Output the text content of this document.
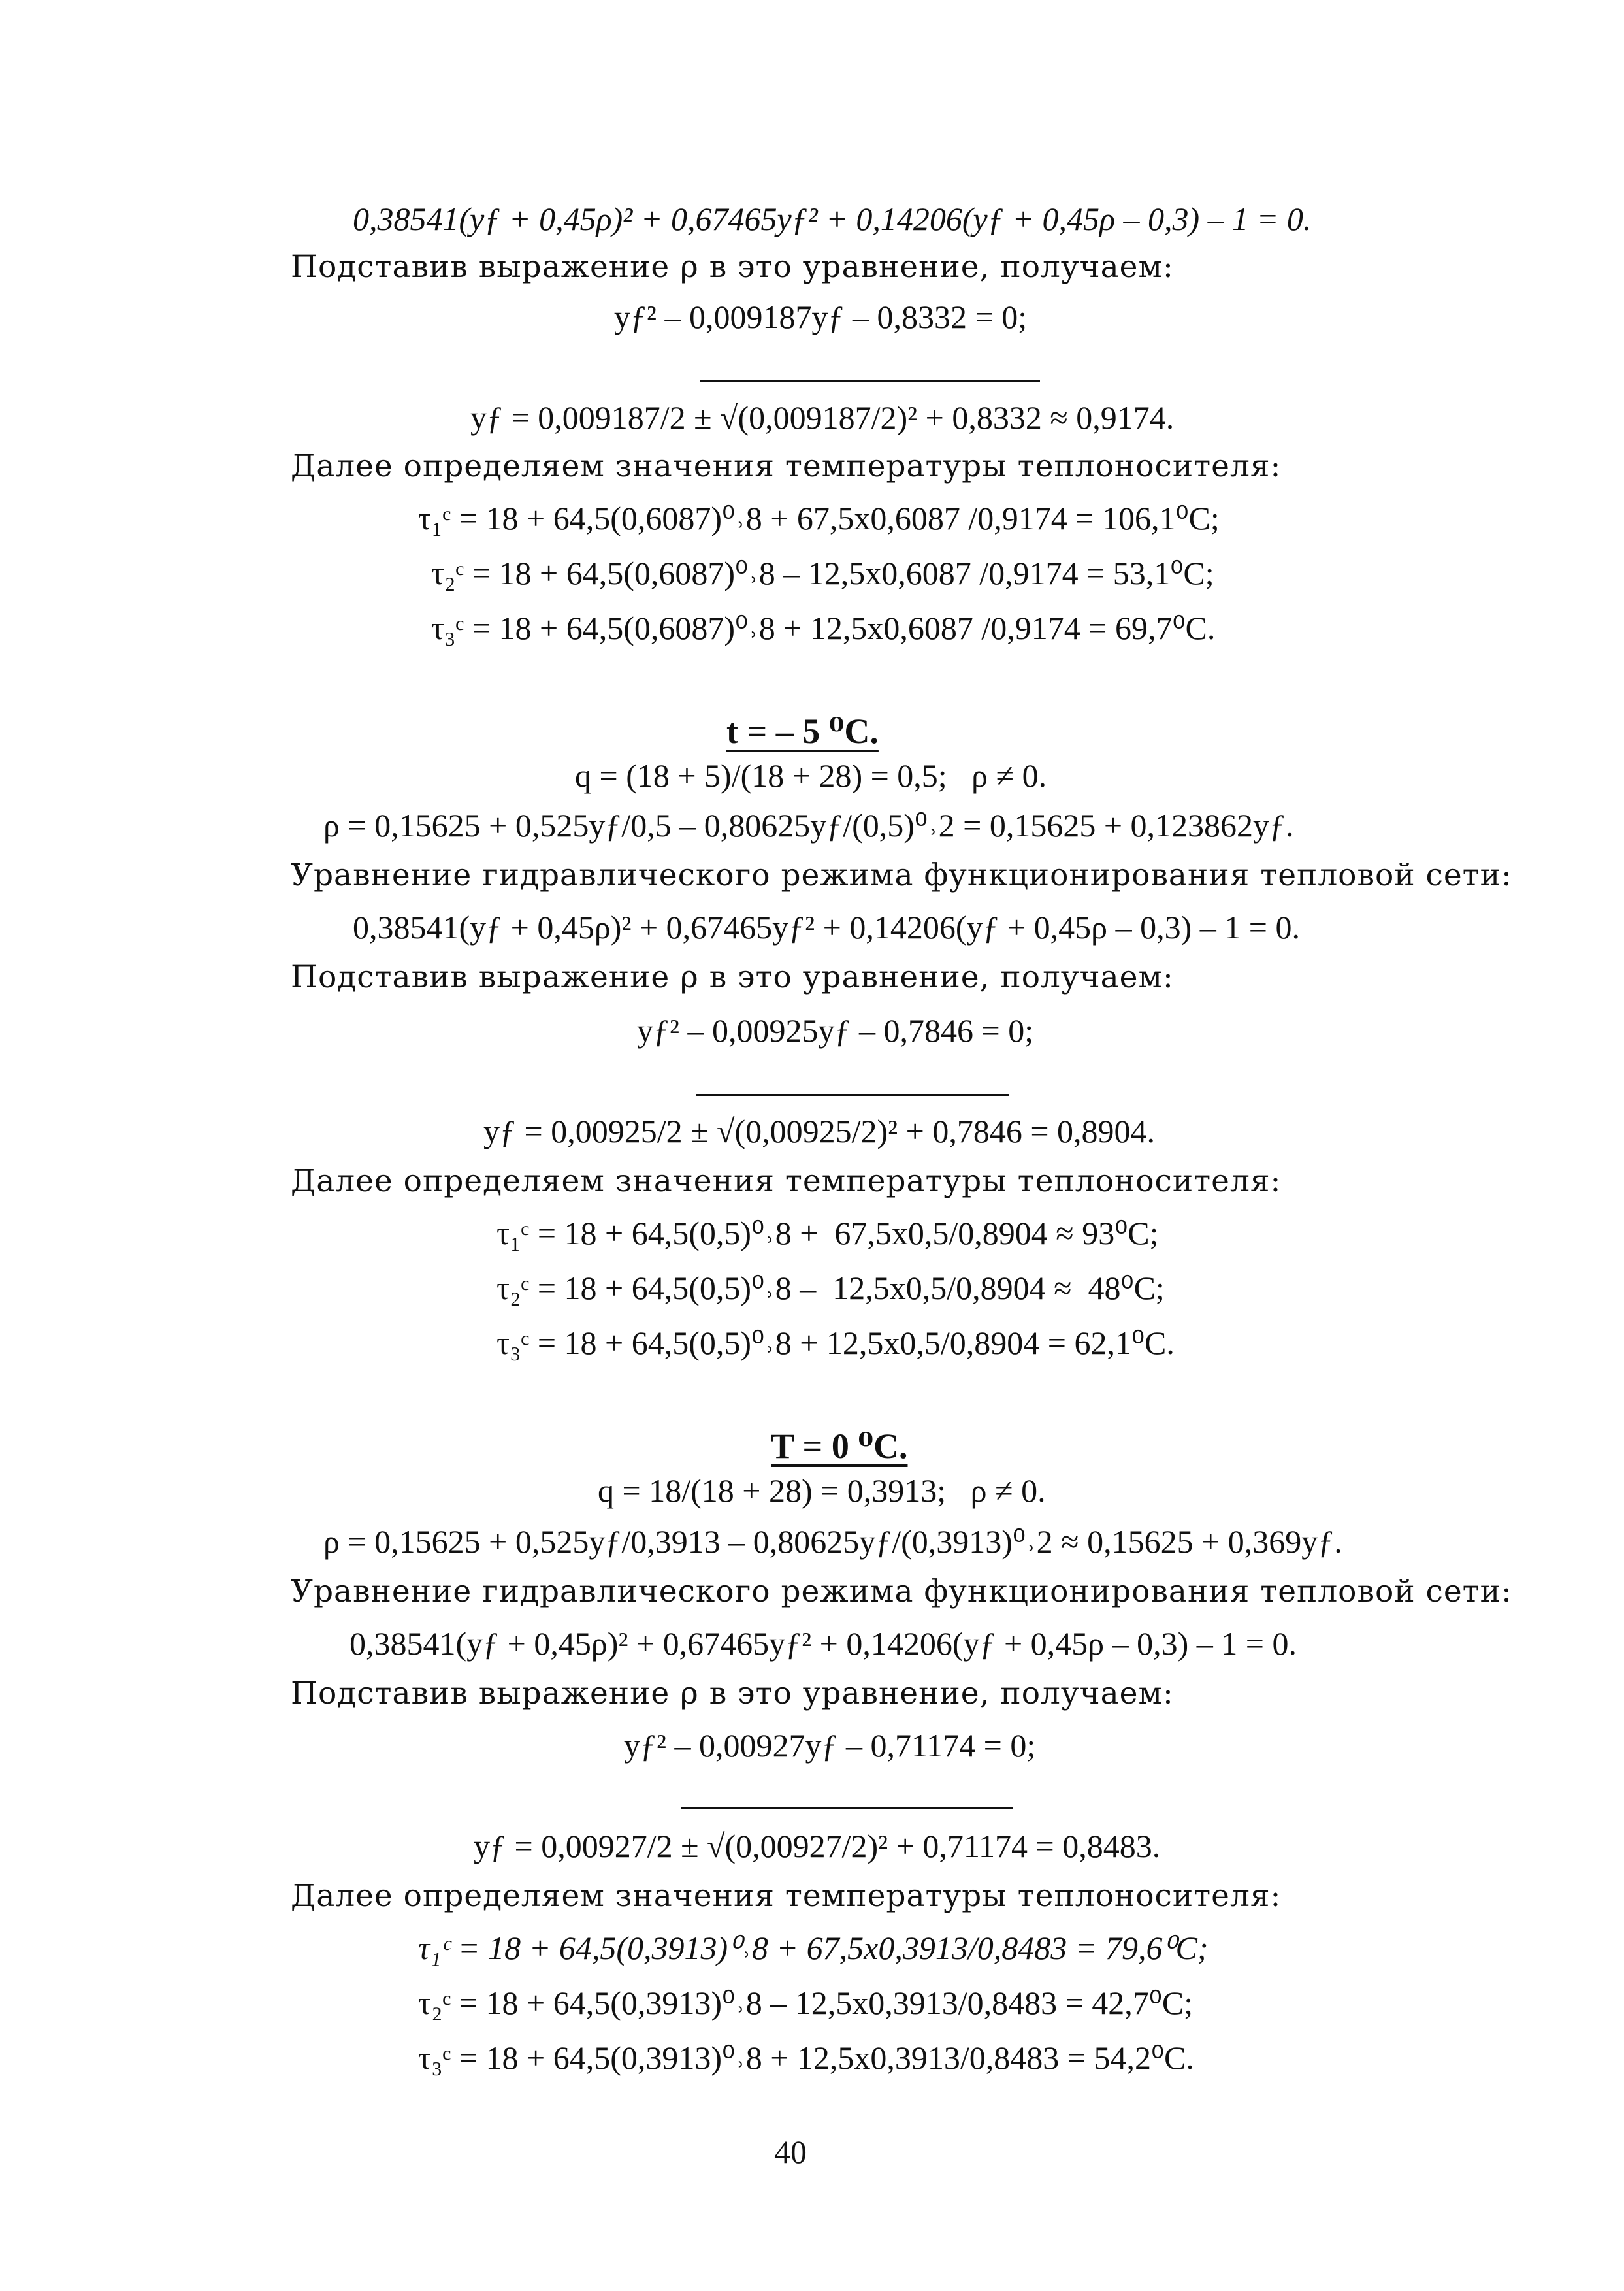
0,38541(yƒ + 0,45ρ)² + 0,67465yƒ² + 0,14206(yƒ + 0,45ρ – 0,3) – 1 = 0.
Подставив выражение ρ в это уравнение, получаем:
yƒ² – 0,009187yƒ – 0,8332 = 0;
yƒ = 0,009187/2 ± √(0,009187/2)² + 0,8332 ≈ 0,9174.
Далее определяем значения температуры теплоносителя:
τ₁ᶜ = 18 + 64,5(0,6087)⁰˒8 + 67,5x0,6087 /0,9174 = 106,1⁰C;
τ₂ᶜ = 18 + 64,5(0,6087)⁰˒8 – 12,5x0,6087 /0,9174 = 53,1⁰C;
τ₃ᶜ = 18 + 64,5(0,6087)⁰˒8 + 12,5x0,6087 /0,9174 = 69,7⁰C.
t = – 5 ⁰C.
q = (18 + 5)/(18 + 28) = 0,5;   ρ ≠ 0.
ρ = 0,15625 + 0,525yƒ/0,5 – 0,80625yƒ/(0,5)⁰˒2 = 0,15625 + 0,123862yƒ.
Уравнение гидравлического режима функционирования тепловой сети:
0,38541(yƒ + 0,45ρ)² + 0,67465yƒ² + 0,14206(yƒ + 0,45ρ – 0,3) – 1 = 0.
Подставив выражение ρ в это уравнение, получаем:
yƒ² – 0,00925yƒ – 0,7846 = 0;
yƒ = 0,00925/2 ± √(0,00925/2)² + 0,7846 = 0,8904.
Далее определяем значения температуры теплоносителя:
τ₁ᶜ = 18 + 64,5(0,5)⁰˒8 +  67,5x0,5/0,8904 ≈ 93⁰C;
τ₂ᶜ = 18 + 64,5(0,5)⁰˒8 –  12,5x0,5/0,8904 ≈  48⁰C;
τ₃ᶜ = 18 + 64,5(0,5)⁰˒8 + 12,5x0,5/0,8904 = 62,1⁰C.
T = 0 ⁰C.
q = 18/(18 + 28) = 0,3913;   ρ ≠ 0.
ρ = 0,15625 + 0,525yƒ/0,3913 – 0,80625yƒ/(0,3913)⁰˒2 ≈ 0,15625 + 0,369yƒ.
Уравнение гидравлического режима функционирования тепловой сети:
0,38541(yƒ + 0,45ρ)² + 0,67465yƒ² + 0,14206(yƒ + 0,45ρ – 0,3) – 1 = 0.
Подставив выражение ρ в это уравнение, получаем:
yƒ² – 0,00927yƒ – 0,71174 = 0;
yƒ = 0,00927/2 ± √(0,00927/2)² + 0,71174 = 0,8483.
Далее определяем значения температуры теплоносителя:
τ₁ᶜ = 18 + 64,5(0,3913)⁰˒8 + 67,5x0,3913/0,8483 = 79,6⁰C;
τ₂ᶜ = 18 + 64,5(0,3913)⁰˒8 – 12,5x0,3913/0,8483 = 42,7⁰C;
τ₃ᶜ = 18 + 64,5(0,3913)⁰˒8 + 12,5x0,3913/0,8483 = 54,2⁰C.
40
